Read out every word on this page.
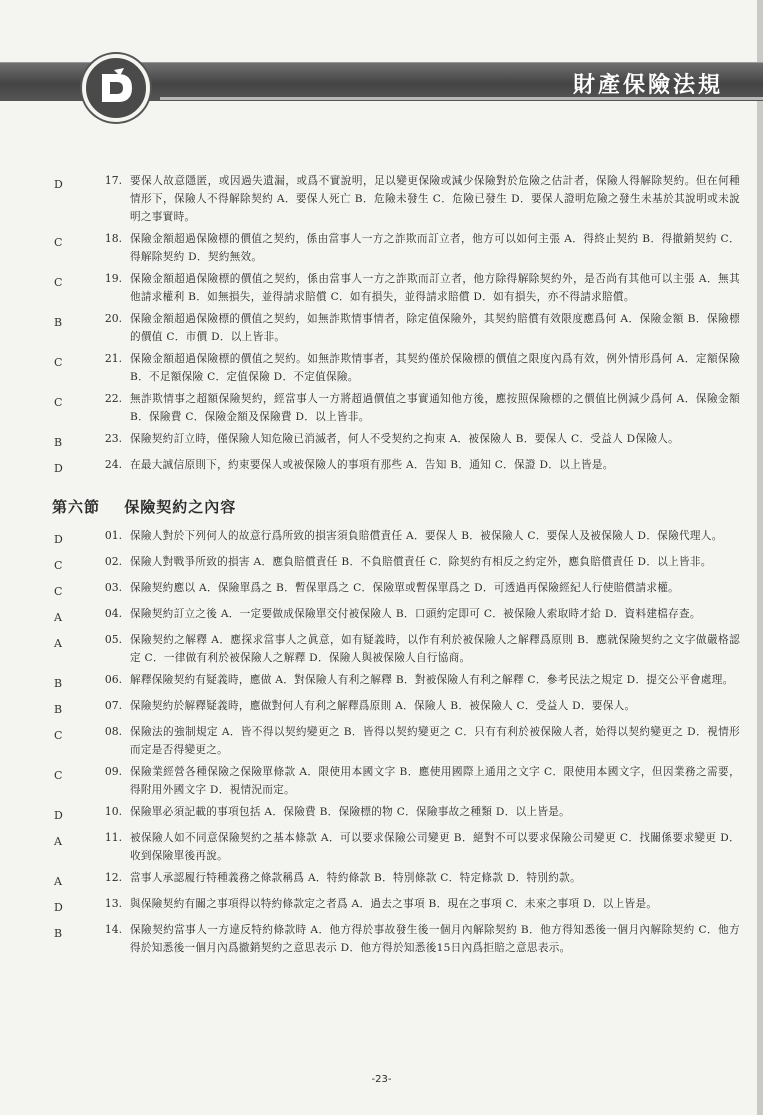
財產保險法規
D	17. 要保人故意隱匿，或因過失遺漏，或爲不實說明，足以變更保險或減少保險對於危險之估計者，保險人得解除契約。但在何種情形下，保險人不得解除契約 A．要保人死亡 B．危險未發生 C．危險已發生 D．要保人證明危險之發生未基於其說明或未說明之事實時。
C	18. 保險金額超過保險標的價值之契約，係由當事人一方之詐欺而訂立者，他方可以如何主張 A．得終止契約 B．得撤銷契約 C．得解除契約 D．契約無效。
C	19. 保險金額超過保險標的價值之契約，係由當事人一方之詐欺而訂立者，他方除得解除契約外，是否尚有其他可以主張 A．無其他請求權利 B．如無損失，並得請求賠償 C．如有損失，並得請求賠償 D．如有損失，亦不得請求賠償。
B	20. 保險金額超過保險標的價值之契約，如無詐欺情事情者，除定值保險外，其契約賠償有效限度應爲何 A．保險金額 B．保險標的價值 C．市價 D．以上皆非。
C	21. 保險金額超過保險標的價值之契約。如無詐欺情事者，其契約僅於保險標的價值之限度內爲有效，例外情形爲何 A．定額保險 B．不足額保險 C．定值保險 D．不定值保險。
C	22. 無詐欺情事之超額保險契約，經當事人一方將超過價值之事實通知他方後，應按照保險標的之價值比例減少爲何 A．保險金額 B．保險費 C．保險金額及保險費 D．以上皆非。
B	23. 保險契約訂立時，僅保險人知危險已消滅者，何人不受契約之拘束 A．被保險人 B．要保人 C．受益人 D保險人。
D	24. 在最大誠信原則下，約束要保人或被保險人的事項有那些 A．告知 B．通知 C．保證 D．以上皆是。
第六節 保險契約之內容
D	01. 保險人對於下列何人的故意行爲所致的損害須負賠償責任 A．要保人 B．被保險人 C．要保人及被保險人 D．保險代理人。
C	02. 保險人對戰爭所致的損害 A．應負賠償責任 B．不負賠償責任 C．除契約有相反之約定外，應負賠償責任 D．以上皆非。
C	03. 保險契約應以 A．保險單爲之 B．暫保單爲之 C．保險單或暫保單爲之 D．可透過再保險經紀人行使賠償請求權。
A	04. 保險契約訂立之後 A．一定要做成保險單交付被保險人 B．口頭約定即可 C．被保險人索取時才給 D．資料建檔存查。
A	05. 保險契約之解釋 A．應探求當事人之眞意，如有疑義時，以作有利於被保險人之解釋爲原則 B．應就保險契約之文字做嚴格認定 C．一律做有利於被保險人之解釋 D．保險人與被保險人自行協商。
B	06. 解釋保險契約有疑義時，應做 A．對保險人有利之解釋 B．對被保險人有利之解釋 C．參考民法之規定 D．提交公平會處理。
B	07. 保險契約於解釋疑義時，應做對何人有利之解釋爲原則 A．保險人 B．被保險人 C．受益人 D．要保人。
C	08. 保險法的強制規定 A．皆不得以契約變更之 B．皆得以契約變更之 C．只有有利於被保險人者，始得以契約變更之 D．視情形而定是否得變更之。
C	09. 保險業經營各種保險之保險單條款 A．限使用本國文字 B．應使用國際上通用之文字 C．限使用本國文字，但因業務之需要，得附用外國文字 D．視情況而定。
D	10. 保險單必須記載的事項包括 A．保險費 B．保險標的物 C．保險事故之種類 D．以上皆是。
A	11. 被保險人如不同意保險契約之基本條款 A．可以要求保險公司變更 B．絕對不可以要求保險公司變更 C．找關係要求變更 D．收到保險單後再說。
A	12. 當事人承認履行特種義務之條款稱爲 A．特約條款 B．特別條款 C．特定條款 D．特別約款。
D	13. 與保險契約有關之事項得以特約條款定之者爲 A．過去之事項 B．現在之事項 C．未來之事項 D．以上皆是。
B	14. 保險契約當事人一方違反特約條款時 A．他方得於事故發生後一個月內解除契約 B．他方得知悉後一個月內解除契約 C．他方得於知悉後一個月內爲撤銷契約之意思表示 D．他方得於知悉後15日內爲拒賠之意思表示。
-23-
